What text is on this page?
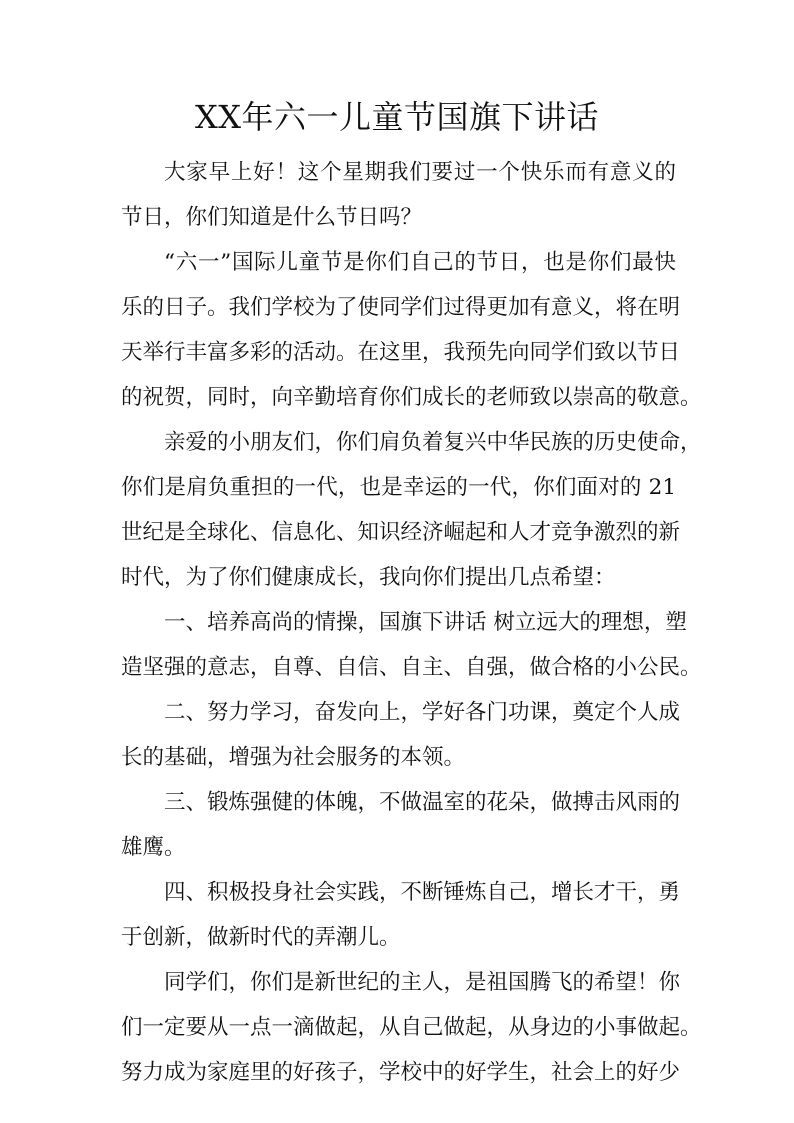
XX年六一儿童节国旗下讲话
大家早上好！这个星期我们要过一个快乐而有意义的
节日，你们知道是什么节日吗？
“六一”国际儿童节是你们自己的节日，也是你们最快
乐的日子。我们学校为了使同学们过得更加有意义，将在明
天举行丰富多彩的活动。在这里，我预先向同学们致以节日
的祝贺，同时，向辛勤培育你们成长的老师致以崇高的敬意。
亲爱的小朋友们，你们肩负着复兴中华民族的历史使命，
你们是肩负重担的一代，也是幸运的一代，你们面对的 21
世纪是全球化、信息化、知识经济崛起和人才竞争激烈的新
时代，为了你们健康成长，我向你们提出几点希望：
一、培养高尚的情操，国旗下讲话 树立远大的理想，塑
造坚强的意志，自尊、自信、自主、自强，做合格的小公民。
二、努力学习，奋发向上，学好各门功课，奠定个人成
长的基础，增强为社会服务的本领。
三、锻炼强健的体魄，不做温室的花朵，做搏击风雨的
雄鹰。
四、积极投身社会实践，不断锤炼自己，增长才干，勇
于创新，做新时代的弄潮儿。
同学们，你们是新世纪的主人，是祖国腾飞的希望！你
们一定要从一点一滴做起，从自己做起，从身边的小事做起。
努力成为家庭里的好孩子，学校中的好学生，社会上的好少
